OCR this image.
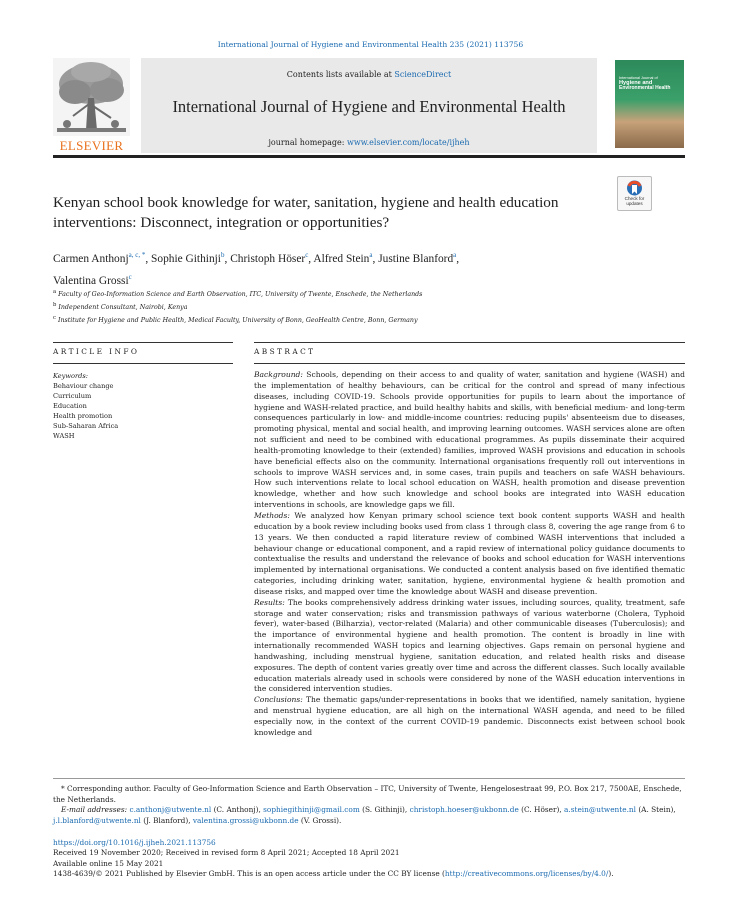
International Journal of Hygiene and Environmental Health 235 (2021) 113756
ELSEVIER
Contents lists available at ScienceDirect
International Journal of Hygiene and Environmental Health
journal homepage: www.elsevier.com/locate/ijheh
International Journal of
Hygiene and
Environmental Health
Check for updates
Kenyan school book knowledge for water, sanitation, hygiene and health education interventions: Disconnect, integration or opportunities?
Carmen Anthonj$^{a, c, *}$, Sophie Githinji$^b$, Christoph Höser$^c$, Alfred Stein$^a$, Justine Blanford$^a$,
Valentina Grossi$^c$
$^a$ Faculty of Geo-Information Science and Earth Observation, ITC, University of Twente, Enschede, the Netherlands
$^b$ Independent Consultant, Nairobi, Kenya
$^c$ Institute for Hygiene and Public Health, Medical Faculty, University of Bonn, GeoHealth Centre, Bonn, Germany
ARTICLE INFO	ABSTRACT
Keywords:
Behaviour change
Curriculum
Education
Health promotion
Sub-Saharan Africa
WASH

Background: Schools, depending on their access to and quality of water, sanitation and hygiene (WASH) and the implementation of healthy behaviours, can be critical for the control and spread of many infectious diseases, including COVID-19. Schools provide opportunities for pupils to learn about the importance of hygiene and WASH-related practice, and build healthy habits and skills, with beneficial medium- and long-term consequences particularly in low- and middle-income countries: reducing pupils' absenteeism due to diseases, promoting physical, mental and social health, and improving learning outcomes. WASH services alone are often not sufficient and need to be combined with educational programmes. As pupils disseminate their acquired health-promoting knowledge to their (extended) families, improved WASH provisions and education in schools have beneficial effects also on the community. International organisations frequently roll out interventions in schools to improve WASH services and, in some cases, train pupils and teachers on safe WASH behaviours. How such interventions relate to local school education on WASH, health promotion and disease prevention knowledge, whether and how such knowledge and school books are integrated into WASH education interventions in schools, are knowledge gaps we fill.

Methods: We analyzed how Kenyan primary school science text book content supports WASH and health education by a book review including books used from class 1 through class 8, covering the age range from 6 to 13 years. We then conducted a rapid literature review of combined WASH interventions that included a behaviour change or educational component, and a rapid review of international policy guidance documents to contextualise the results and understand the relevance of books and school education for WASH interventions implemented by international organisations. We conducted a content analysis based on five identified thematic categories, including drinking water, sanitation, hygiene, environmental hygiene & health promotion and disease risks, and mapped over time the knowledge about WASH and disease prevention.

Results: The books comprehensively address drinking water issues, including sources, quality, treatment, safe storage and water conservation; risks and transmission pathways of various waterborne (Cholera, Typhoid fever), water-based (Bilharzia), vector-related (Malaria) and other communicable diseases (Tuberculosis); and the importance of environmental hygiene and health promotion. The content is broadly in line with internationally recommended WASH topics and learning objectives. Gaps remain on personal hygiene and handwashing, including menstrual hygiene, sanitation education, and related health risks and disease exposures. The depth of content varies greatly over time and across the different classes. Such locally available education materials already used in schools were considered by none of the WASH education interventions in the considered intervention studies.

Conclusions: The thematic gaps/under-representations in books that we identified, namely sanitation, hygiene and menstrual hygiene education, are all high on the international WASH agenda, and need to be filled especially now, in the context of the current COVID-19 pandemic. Disconnects exist between school book knowledge and

* Corresponding author. Faculty of Geo-Information Science and Earth Observation – ITC, University of Twente, Hengelosestraat 99, P.O. Box 217, 7500AE, Enschede, the Netherlands.
E-mail addresses: c.anthonj@utwente.nl (C. Anthonj), sophiegithinji@gmail.com (S. Githinji), christoph.hoeser@ukbonn.de (C. Höser), a.stein@utwente.nl (A. Stein), j.l.blanford@utwente.nl (J. Blanford), valentina.grossi@ukbonn.de (V. Grossi).
https://doi.org/10.1016/j.ijheh.2021.113756
Received 19 November 2020; Received in revised form 8 April 2021; Accepted 18 April 2021
Available online 15 May 2021
1438-4639/© 2021 Published by Elsevier GmbH. This is an open access article under the CC BY license (http://creativecommons.org/licenses/by/4.0/).
